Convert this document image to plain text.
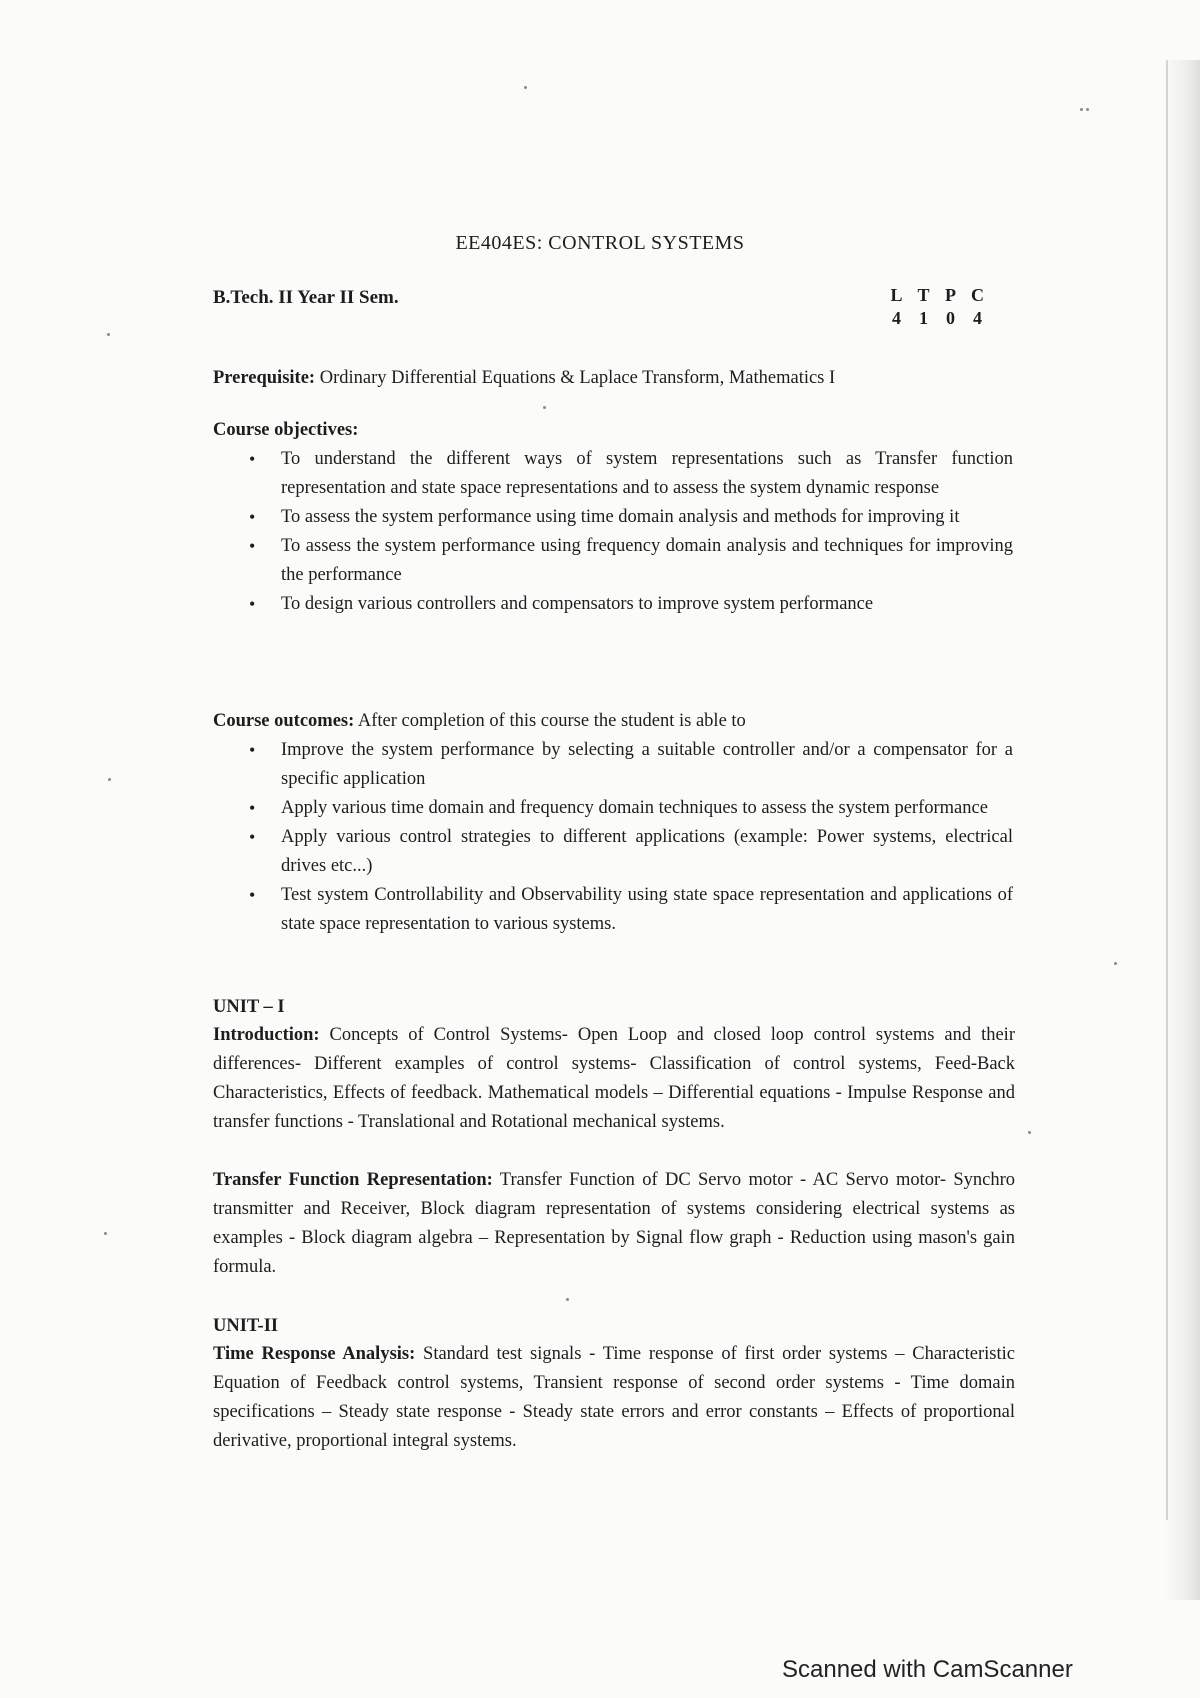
EE404ES: CONTROL SYSTEMS
B.Tech. II Year II Sem.	L T P C
4	1	0	4
Prerequisite: Ordinary Differential Equations & Laplace Transform, Mathematics I
Course objectives:
• To understand the different ways of system representations such as Transfer function representation and state space representations and to assess the system dynamic response
• To assess the system performance using time domain analysis and methods for improving it
• To assess the system performance using frequency domain analysis and techniques for improving the performance
• To design various controllers and compensators to improve system performance
Course outcomes: After completion of this course the student is able to
• Improve the system performance by selecting a suitable controller and/or a compensator for a specific application
• Apply various time domain and frequency domain techniques to assess the system performance
• Apply various control strategies to different applications (example: Power systems, electrical drives etc...)
• Test system Controllability and Observability using state space representation and applications of state space representation to various systems.
UNIT – I
Introduction: Concepts of Control Systems- Open Loop and closed loop control systems and their differences- Different examples of control systems- Classification of control systems, Feed-Back Characteristics, Effects of feedback. Mathematical models – Differential equations - Impulse Response and transfer functions - Translational and Rotational mechanical systems.
Transfer Function Representation: Transfer Function of DC Servo motor - AC Servo motor- Synchro transmitter and Receiver, Block diagram representation of systems considering electrical systems as examples - Block diagram algebra – Representation by Signal flow graph - Reduction using mason's gain formula.
UNIT-II
Time Response Analysis: Standard test signals - Time response of first order systems – Characteristic Equation of Feedback control systems, Transient response of second order systems - Time domain specifications – Steady state response - Steady state errors and error constants – Effects of proportional derivative, proportional integral systems.
Scanned with CamScanner
